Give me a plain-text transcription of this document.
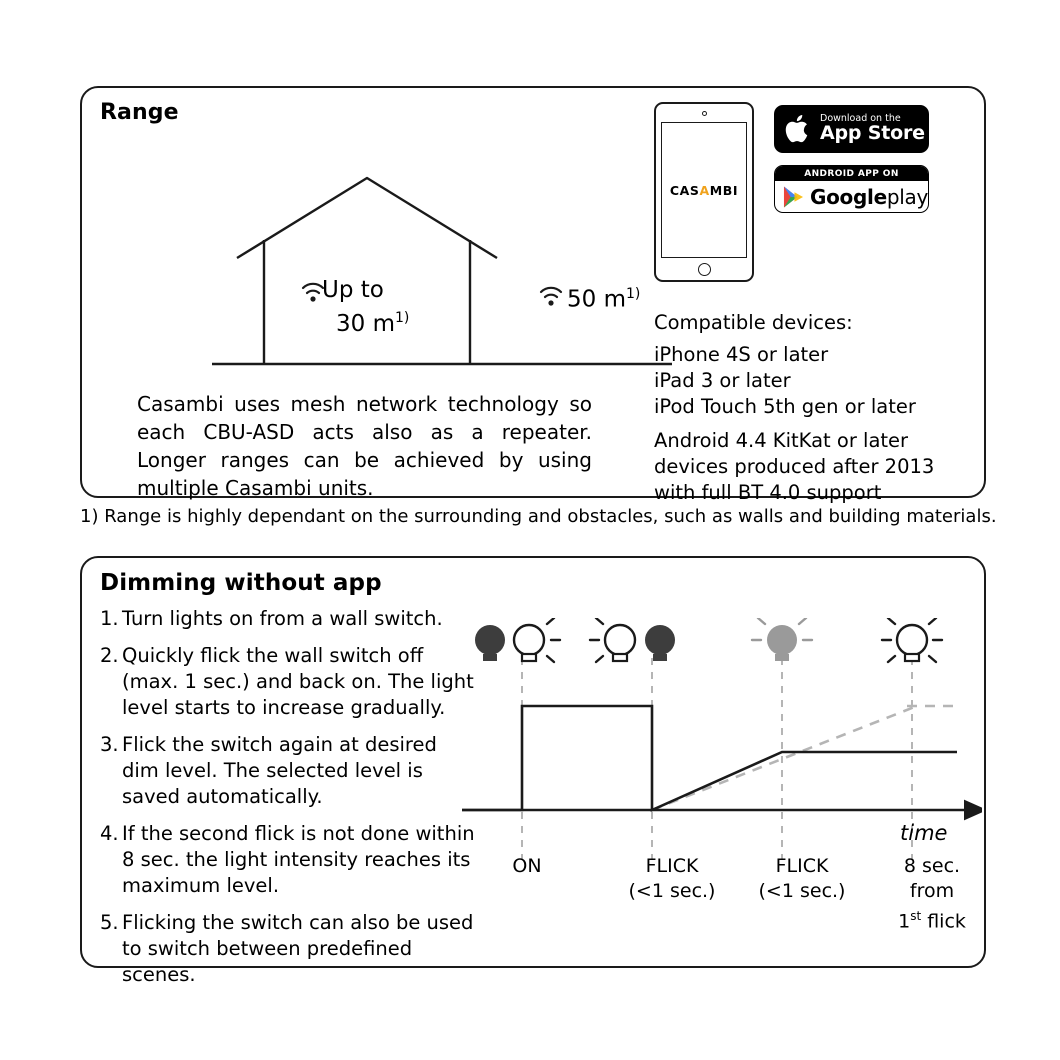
Range
Up to
30 $m^{1)}$
50 $m^{1)}$
Casambi uses mesh network technology so each CBU-ASD acts also as a repeater. Longer ranges can be achieved by using multiple Casambi units.
CASAMBI
Download on the
App Store
ANDROID APP ON
Googleplay
Compatible devices:
iPhone 4S or later
iPad 3 or later
iPod Touch 5th gen or later
Android 4.4 KitKat or later devices produced after 2013 with full BT 4.0 support
1) Range is highly dependant on the surrounding and obstacles, such as walls and building materials.
Dimming without app
1. Turn lights on from a wall switch.
2. Quickly flick the wall switch off (max. 1 sec.) and back on. The light level starts to increase gradually.
3. Flick the switch again at desired dim level. The selected level is saved automatically.
4. If the second flick is not done within 8 sec. the light intensity reaches its maximum level.
5. Flicking the switch can also be used to switch between predefined scenes.
time
ON	FLICK
(<1 sec.)
FLICK
(<1 sec.)
8 sec.
from
1st flick
